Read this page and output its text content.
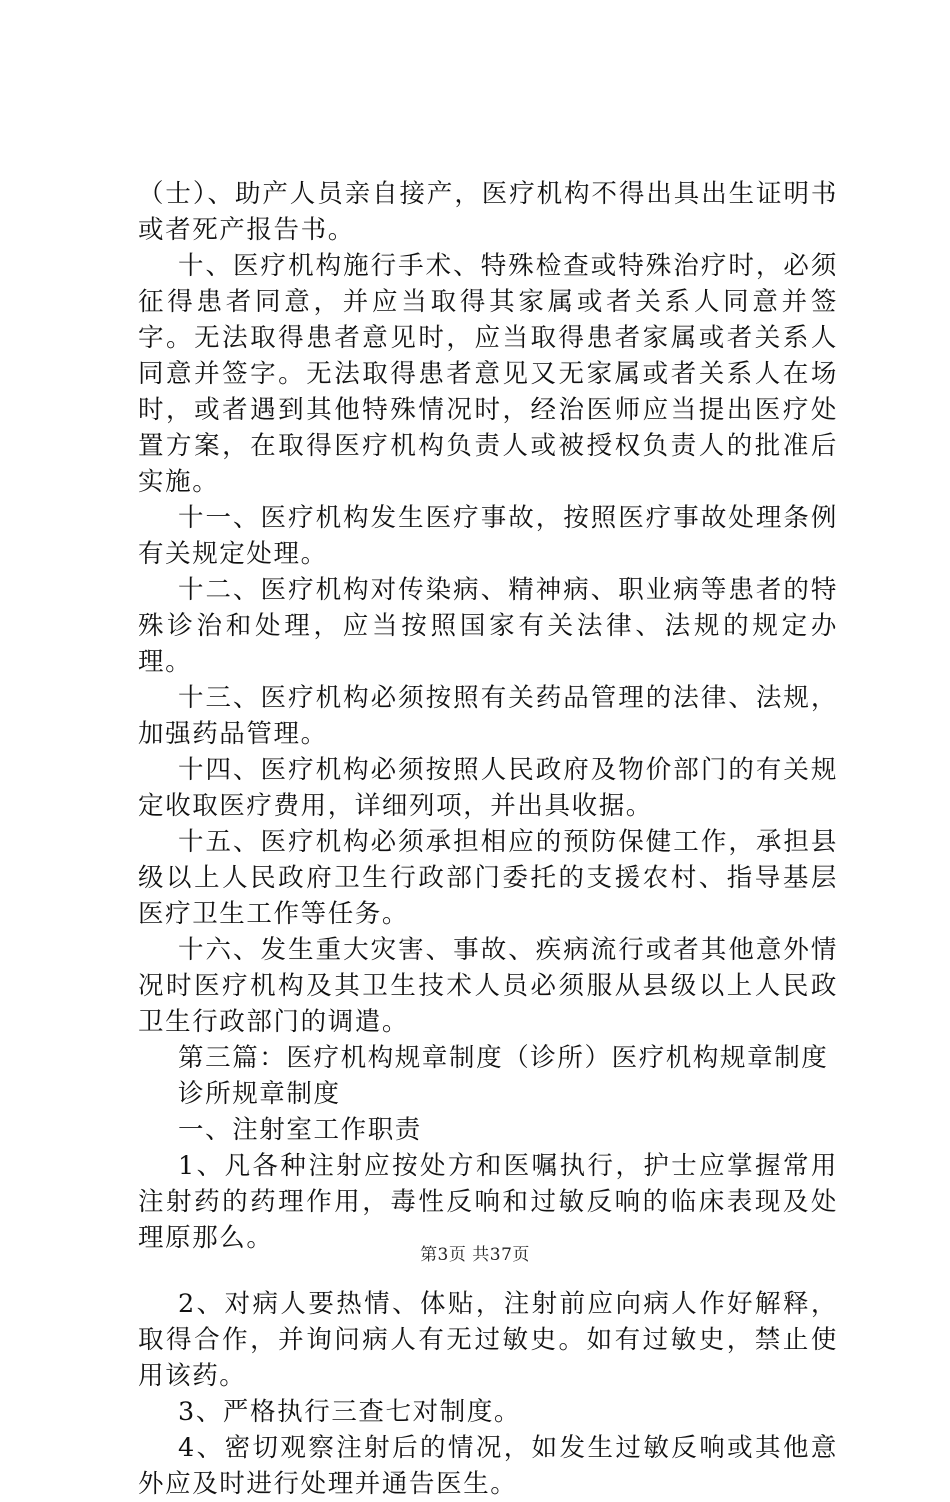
（士）、助产人员亲自接产，医疗机构不得出具出生证明书或者死产报告书。

十、医疗机构施行手术、特殊检查或特殊治疗时，必须征得患者同意，并应当取得其家属或者关系人同意并签字。无法取得患者意见时，应当取得患者家属或者关系人同意并签字。无法取得患者意见又无家属或者关系人在场时，或者遇到其他特殊情况时，经治医师应当提出医疗处置方案，在取得医疗机构负责人或被授权负责人的批准后实施。

十一、医疗机构发生医疗事故，按照医疗事故处理条例有关规定处理。

十二、医疗机构对传染病、精神病、职业病等患者的特殊诊治和处理，应当按照国家有关法律、法规的规定办理。

十三、医疗机构必须按照有关药品管理的法律、法规，加强药品管理。

十四、医疗机构必须按照人民政府及物价部门的有关规定收取医疗费用，详细列项，并出具收据。

十五、医疗机构必须承担相应的预防保健工作，承担县级以上人民政府卫生行政部门委托的支援农村、指导基层医疗卫生工作等任务。

十六、发生重大灾害、事故、疾病流行或者其他意外情况时医疗机构及其卫生技术人员必须服从县级以上人民政卫生行政部门的调遣。

第三篇：医疗机构规章制度（诊所）医疗机构规章制度

诊所规章制度

一、注射室工作职责

1、凡各种注射应按处方和医嘱执行，护士应掌握常用注射药的药理作用，毒性反响和过敏反响的临床表现及处理原那么。

2、对病人要热情、体贴，注射前应向病人作好解释，取得合作，并询问病人有无过敏史。如有过敏史，禁止使用该药。

3、严格执行三查七对制度。

4、密切观察注射后的情况，如发生过敏反响或其他意外应及时进行处理并通告医生。

第3页 共37页
